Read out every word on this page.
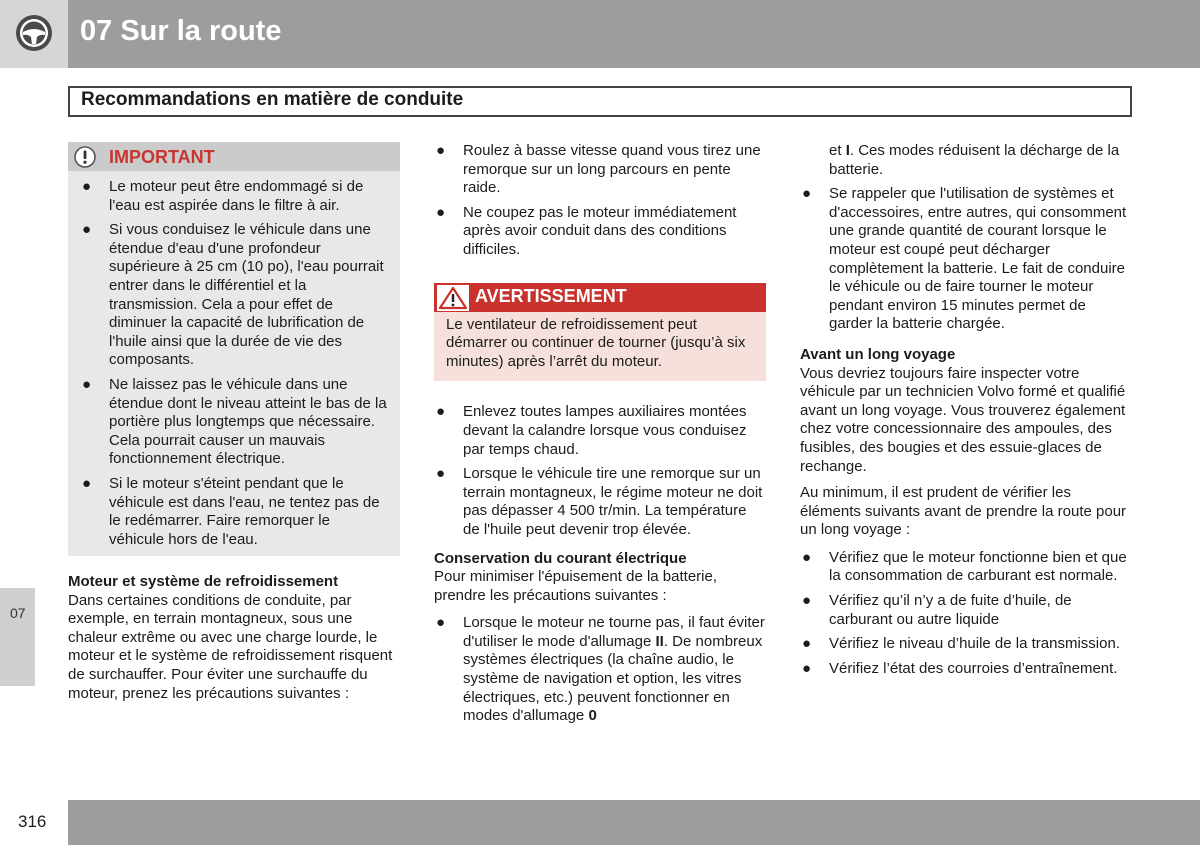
07 Sur la route
Recommandations en matière de conduite
07
IMPORTANT
● Le moteur peut être endommagé si de l'eau est aspirée dans le filtre à air.
● Si vous conduisez le véhicule dans une étendue d'eau d'une profondeur supérieure à 25 cm (10 po), l'eau pourrait entrer dans le différentiel et la transmission. Cela a pour effet de diminuer la capacité de lubrification de l'huile ainsi que la durée de vie des composants.
● Ne laissez pas le véhicule dans une étendue dont le niveau atteint le bas de la portière plus longtemps que nécessaire. Cela pourrait causer un mauvais fonctionnement électrique.
● Si le moteur s'éteint pendant que le véhicule est dans l'eau, ne tentez pas de le redémarrer. Faire remorquer le véhicule hors de l'eau.

Moteur et système de refroidissement

Dans certaines conditions de conduite, par exemple, en terrain montagneux, sous une chaleur extrême ou avec une charge lourde, le moteur et le système de refroidissement risquent de surchauffer. Pour éviter une surchauffe du moteur, prenez les précautions suivantes :

● Roulez à basse vitesse quand vous tirez une remorque sur un long parcours en pente raide.
● Ne coupez pas le moteur immédiatement après avoir conduit dans des conditions difficiles.
AVERTISSEMENT
Le ventilateur de refroidissement peut démarrer ou continuer de tourner (jusqu’à six minutes) après l’arrêt du moteur.
● Enlevez toutes lampes auxiliaires montées devant la calandre lorsque vous conduisez par temps chaud.
● Lorsque le véhicule tire une remorque sur un terrain montagneux, le régime moteur ne doit pas dépasser 4 500 tr/min. La température de l'huile peut devenir trop élevée.

Conservation du courant électrique

Pour minimiser l'épuisement de la batterie, prendre les précautions suivantes :

● Lorsque le moteur ne tourne pas, il faut éviter d'utiliser le mode d'allumage II. De nombreux systèmes électriques (la chaîne audio, le système de navigation et option, les vitres électriques, etc.) peuvent fonctionner en modes d'allumage 0

et I. Ces modes réduisent la décharge de la batterie.

● Se rappeler que l'utilisation de systèmes et d'accessoires, entre autres, qui consomment une grande quantité de courant lorsque le moteur est coupé peut décharger complètement la batterie. Le fait de conduire le véhicule ou de faire tourner le moteur pendant environ 15 minutes permet de garder la batterie chargée.

Avant un long voyage

Vous devriez toujours faire inspecter votre véhicule par un technicien Volvo formé et qualifié avant un long voyage. Vous trouverez également chez votre concessionnaire des ampoules, des fusibles, des bougies et des essuie-glaces de rechange.

Au minimum, il est prudent de vérifier les éléments suivants avant de prendre la route pour un long voyage :

● Vérifiez que le moteur fonctionne bien et que la consommation de carburant est normale.
● Vérifiez qu’il n’y a de fuite d’huile, de carburant ou autre liquide
● Vérifiez le niveau d’huile de la transmission.
● Vérifiez l’état des courroies d’entraînement.
316
